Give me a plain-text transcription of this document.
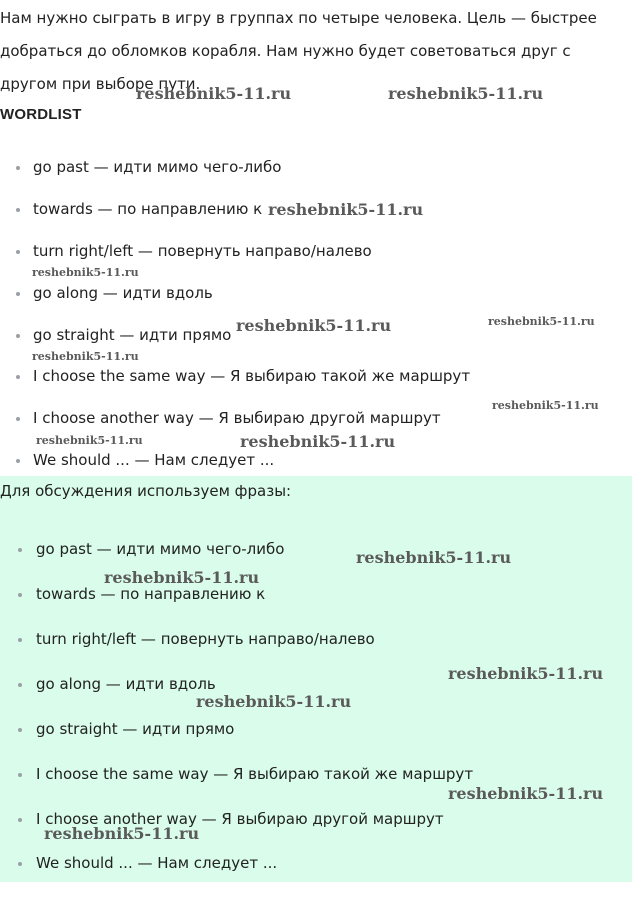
Нам нужно сыграть в игру в группах по четыре человека. Цель — быстрее добраться до обломков корабля. Нам нужно будет советоваться друг с другом при выборе пути.

WORDLIST
go past — идти мимо чего-либо
towards — по направлению к
turn right/left — повернуть направо/налево
go along — идти вдоль
go straight — идти прямо
I choose the same way — Я выбираю такой же маршрут
I choose another way — Я выбираю другой маршрут
We should ... — Нам следует ...

Для обсуждения используем фразы:

go past — идти мимо чего-либо
towards — по направлению к
turn right/left — повернуть направо/налево
go along — идти вдоль
go straight — идти прямо
I choose the same way — Я выбираю такой же маршрут
I choose another way — Я выбираю другой маршрут
We should ... — Нам следует ...
reshebnik5-11.ru	reshebnik5-11.ru
reshebnik5-11.ru
reshebnik5-11.ru
reshebnik5-11.ru	reshebnik5-11.ru
reshebnik5-11.ru
reshebnik5-11.ru
reshebnik5-11.ru	reshebnik5-11.ru
reshebnik5-11.ru
reshebnik5-11.ru
reshebnik5-11.ru
reshebnik5-11.ru
reshebnik5-11.ru
reshebnik5-11.ru
